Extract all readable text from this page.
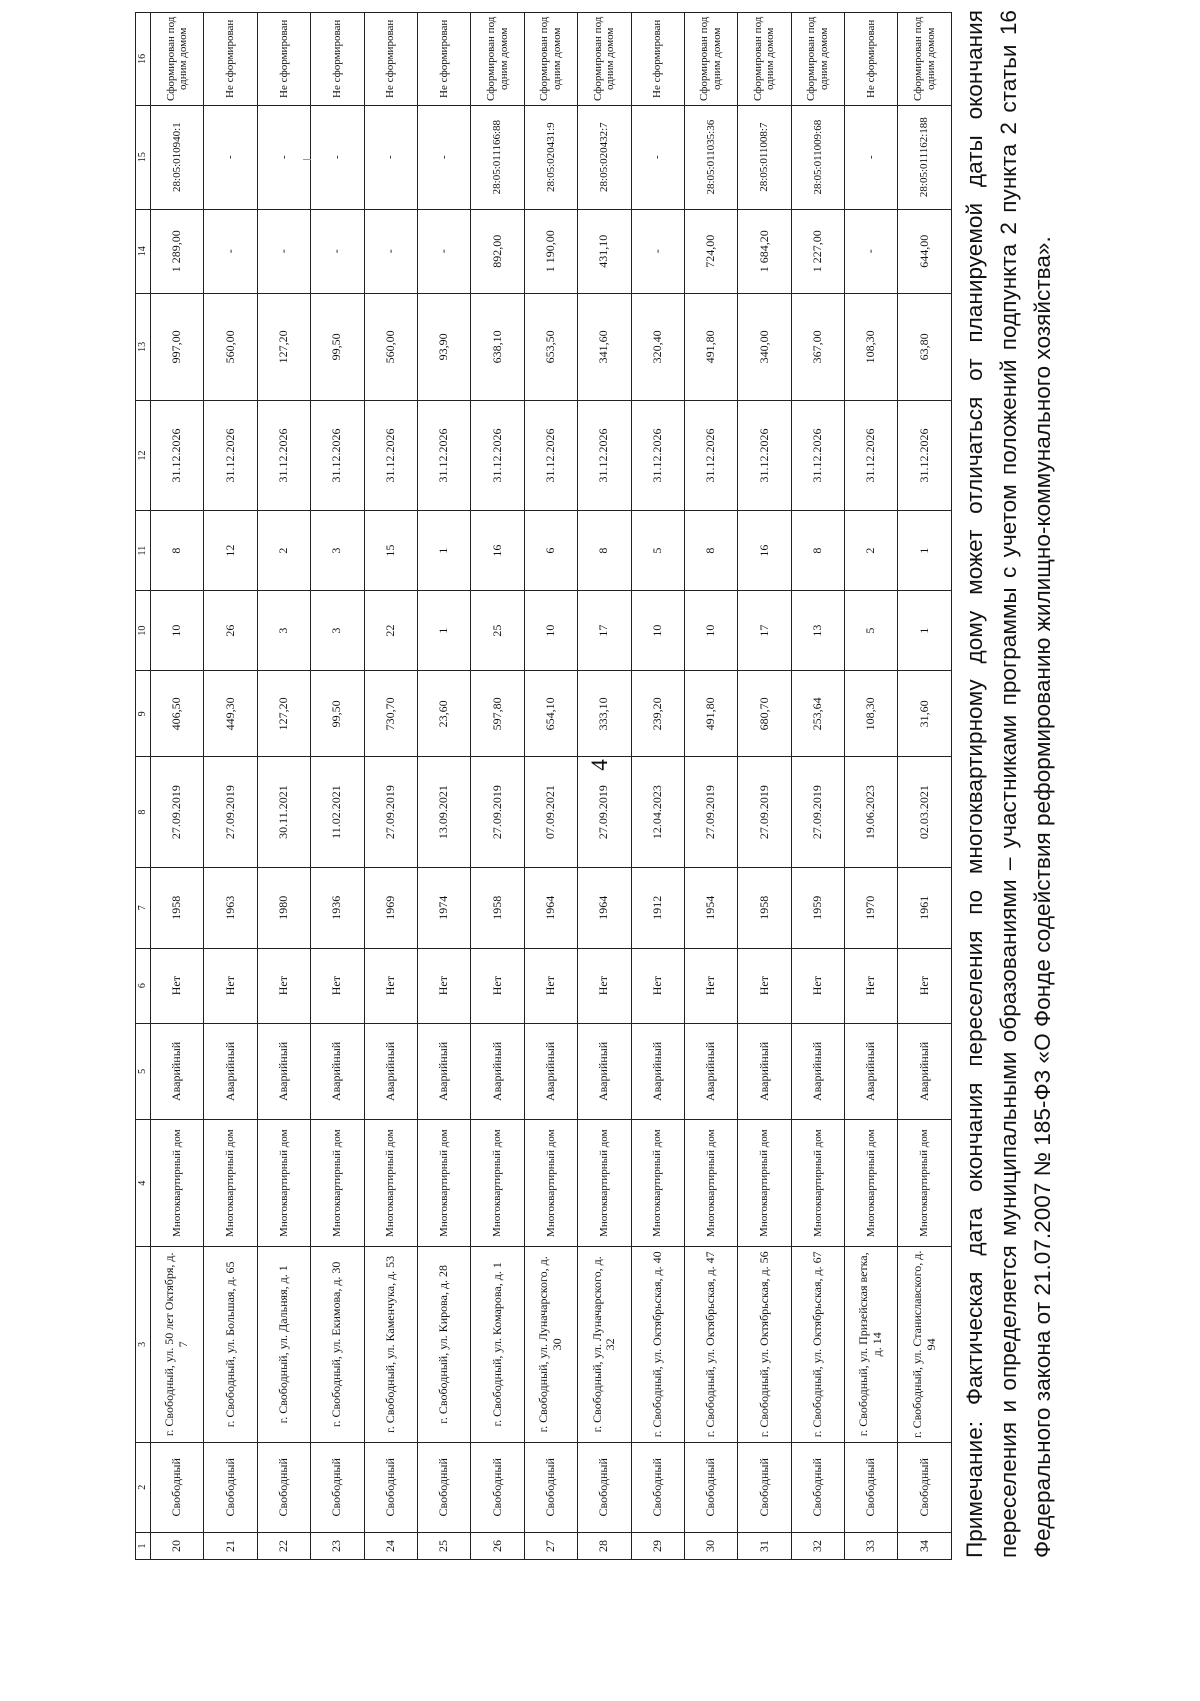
4
1	2	3	4	5	6	7	8	9	10	11	12	13	14	15	16
20	Свободный	г. Свободный, ул. 50 лет Октября, д. 7	Многоквартирный дом	Аварийный	Нет	1958	27.09.2019	406,50	10	8	31.12.2026	997,00	1 289,00	28:05:010940:1	Сформирован под одним домом
21	Свободный	г. Свободный, ул. Большая, д. 65	Многоквартирный дом	Аварийный	Нет	1963	27.09.2019	449,30	26	12	31.12.2026	560,00	-	-	Не сформирован
22	Свободный	г. Свободный, ул. Дальняя, д. 1	Многоквартирный дом	Аварийный	Нет	1980	30.11.2021	127,20	3	2	31.12.2026	127,20	-	-	Не сформирован
23	Свободный	г. Свободный, ул. Екимова, д. 30	Многоквартирный дом	Аварийный	Нет	1936	11.02.2021	99,50	3	3	31.12.2026	99,50	-	-	Не сформирован
24	Свободный	г. Свободный, ул. Каменчука, д. 53	Многоквартирный дом	Аварийный	Нет	1969	27.09.2019	730,70	22	15	31.12.2026	560,00	-	-	Не сформирован
25	Свободный	г. Свободный, ул. Кирова, д. 28	Многоквартирный дом	Аварийный	Нет	1974	13.09.2021	23,60	1	1	31.12.2026	93,90	-	-	Не сформирован
26	Свободный	г. Свободный, ул. Комарова, д. 1	Многоквартирный дом	Аварийный	Нет	1958	27.09.2019	597,80	25	16	31.12.2026	638,10	892,00	28:05:011166:88	Сформирован под одним домом
27	Свободный	г. Свободный, ул. Луначарского, д. 30	Многоквартирный дом	Аварийный	Нет	1964	07.09.2021	654,10	10	6	31.12.2026	653,50	1 190,00	28:05:020431:9	Сформирован под одним домом
28	Свободный	г. Свободный, ул. Луначарского, д. 32	Многоквартирный дом	Аварийный	Нет	1964	27.09.2019	333,10	17	8	31.12.2026	341,60	431,10	28:05:020432:7	Сформирован под одним домом
29	Свободный	г. Свободный, ул. Октябрьская, д. 40	Многоквартирный дом	Аварийный	Нет	1912	12.04.2023	239,20	10	5	31.12.2026	320,40	-	-	Не сформирован
30	Свободный	г. Свободный, ул. Октябрьская, д. 47	Многоквартирный дом	Аварийный	Нет	1954	27.09.2019	491,80	10	8	31.12.2026	491,80	724,00	28:05:011035:36	Сформирован под одним домом
31	Свободный	г. Свободный, ул. Октябрьская, д. 56	Многоквартирный дом	Аварийный	Нет	1958	27.09.2019	680,70	17	16	31.12.2026	340,00	1 684,20	28:05:011008:7	Сформирован под одним домом
32	Свободный	г. Свободный, ул. Октябрьская, д. 67	Многоквартирный дом	Аварийный	Нет	1959	27.09.2019	253,64	13	8	31.12.2026	367,00	1 227,00	28:05:011009:68	Сформирован под одним домом
33	Свободный	г. Свободный, ул. Призейская ветка, д. 14	Многоквартирный дом	Аварийный	Нет	1970	19.06.2023	108,30	5	2	31.12.2026	108,30	-	-	Не сформирован
34	Свободный	г. Свободный, ул. Станиславского, д. 94	Многоквартирный дом	Аварийный	Нет	1961	02.03.2021	31,60	1	1	31.12.2026	63,80	644,00	28:05:011162:188	Сформирован под одним домом Примечание: Фактическая дата окончания переселения по многоквартирному дому может отличаться от планируемой даты окончания переселения и определяется муниципальными образованиями – участниками программы с учетом положений подпункта 2 пункта 2 статьи 16 Федерального закона от 21.07.2007 № 185-ФЗ «О Фонде содействия реформированию жилищно-коммунального хозяйства».
